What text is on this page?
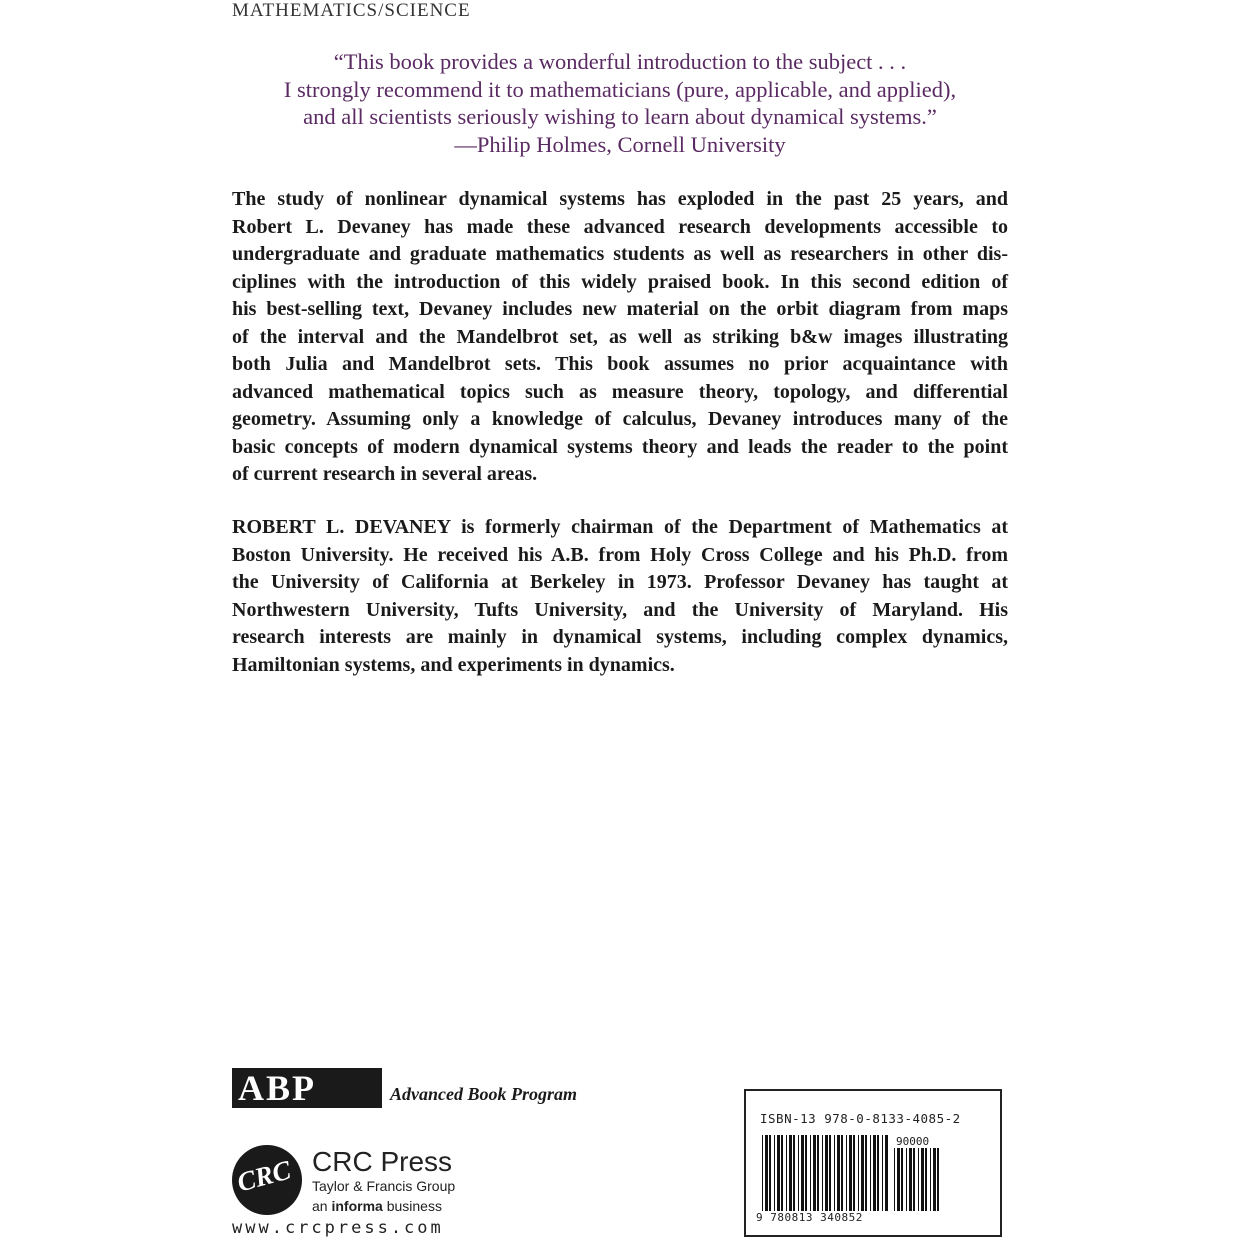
MATHEMATICS/SCIENCE
“This book provides a wonderful introduction to the subject . . .
I strongly recommend it to mathematicians (pure, applicable, and applied),
and all scientists seriously wishing to learn about dynamical systems.”
—Philip Holmes, Cornell University
The study of nonlinear dynamical systems has exploded in the past 25 years, and
Robert L. Devaney has made these advanced research developments accessible to
undergraduate and graduate mathematics students as well as researchers in other dis-
ciplines with the introduction of this widely praised book. In this second edition of
his best-selling text, Devaney includes new material on the orbit diagram from maps
of the interval and the Mandelbrot set, as well as striking b&w images illustrating
both Julia and Mandelbrot sets. This book assumes no prior acquaintance with
advanced mathematical topics such as measure theory, topology, and differential
geometry. Assuming only a knowledge of calculus, Devaney introduces many of the
basic concepts of modern dynamical systems theory and leads the reader to the point
of current research in several areas.
ROBERT L. DEVANEY is formerly chairman of the Department of Mathematics at
Boston University. He received his A.B. from Holy Cross College and his Ph.D. from
the University of California at Berkeley in 1973. Professor Devaney has taught at
Northwestern University, Tufts University, and the University of Maryland. His
research interests are mainly in dynamical systems, including complex dynamics,
Hamiltonian systems, and experiments in dynamics.
ABP	Advanced Book Program
CRC CRC Press
Taylor & Francis Group
an informa business
www.crcpress.com
ISBN-13 978-0-8133-4085-2
90000
9 780813 340852
